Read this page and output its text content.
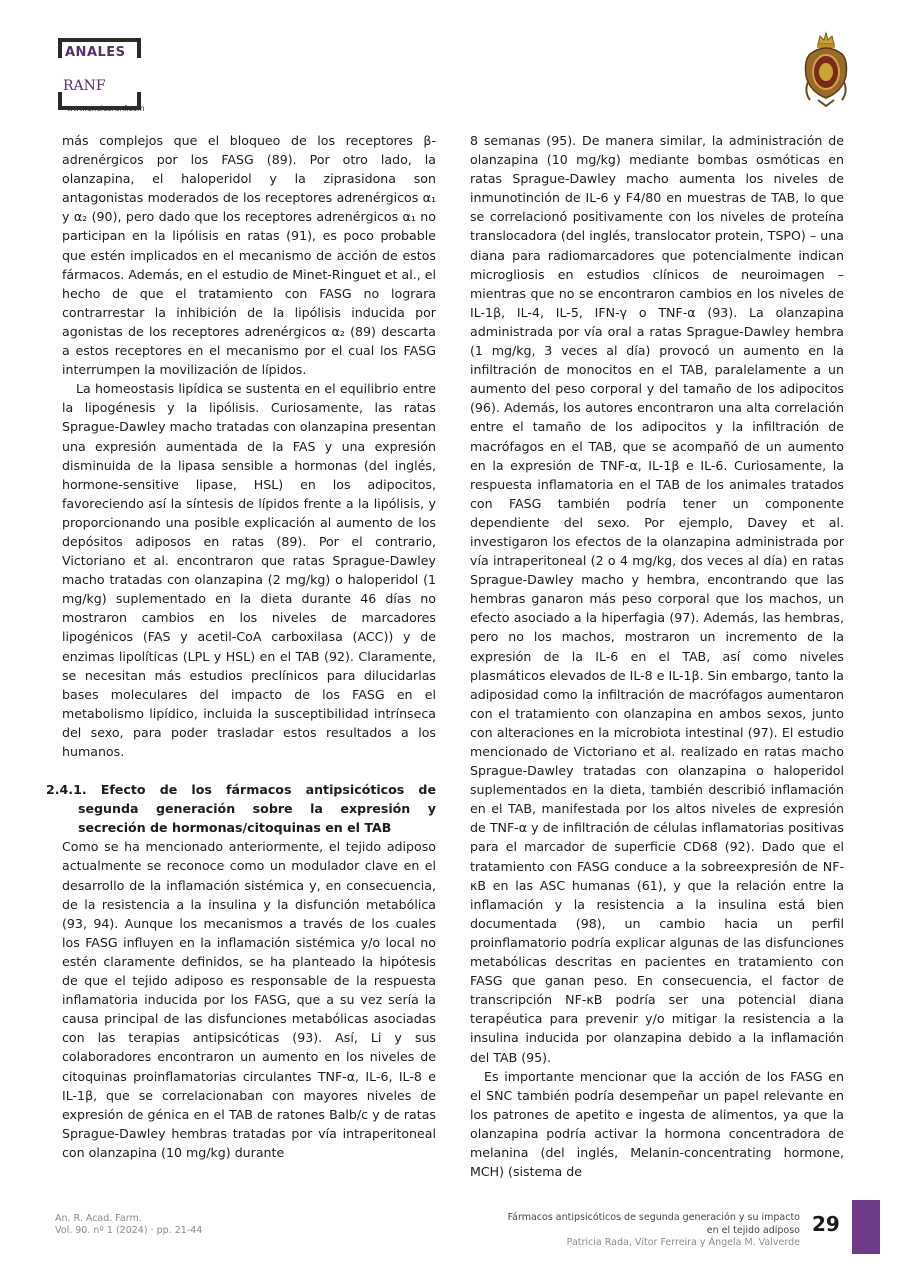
ANALES
RANF
www.analesranf.com

más complejos que el bloqueo de los receptores β-adrenérgicos por los FASG (89). Por otro lado, la olanzapina, el haloperidol y la ziprasidona son antagonistas moderados de los receptores adrenérgicos α₁ y α₂ (90), pero dado que los receptores adrenérgicos α₁ no participan en la lipólisis en ratas (91), es poco probable que estén implicados en el mecanismo de acción de estos fármacos. Además, en el estudio de Minet-Ringuet et al., el hecho de que el tratamiento con FASG no lograra contrarrestar la inhibición de la lipólisis inducida por agonistas de los receptores adrenérgicos α₂ (89) descarta a estos receptores en el mecanismo por el cual los FASG interrumpen la movilización de lípidos.

La homeostasis lipídica se sustenta en el equilibrio entre la lipogénesis y la lipólisis. Curiosamente, las ratas Sprague-Dawley macho tratadas con olanzapina presentan una expresión aumentada de la FAS y una expresión disminuida de la lipasa sensible a hormonas (del inglés, hormone-sensitive lipase, HSL) en los adipocitos, favoreciendo así la síntesis de lípidos frente a la lipólisis, y proporcionando una posible explicación al aumento de los depósitos adiposos en ratas (89). Por el contrario, Victoriano et al. encontraron que ratas Sprague-Dawley macho tratadas con olanzapina (2 mg/kg) o haloperidol (1 mg/kg) suplementado en la dieta durante 46 días no mostraron cambios en los niveles de marcadores lipogénicos (FAS y acetil-CoA carboxilasa (ACC)) y de enzimas lipolíticas (LPL y HSL) en el TAB (92). Claramente, se necesitan más estudios preclínicos para dilucidarlas bases moleculares del impacto de los FASG en el metabolismo lipídico, incluida la susceptibilidad intrínseca del sexo, para poder trasladar estos resultados a los humanos.

2.4.1. Efecto de los fármacos antipsicóticos de segunda generación sobre la expresión y secreción de hormonas/citoquinas en el TAB

Como se ha mencionado anteriormente, el tejido adiposo actualmente se reconoce como un modulador clave en el desarrollo de la inflamación sistémica y, en consecuencia, de la resistencia a la insulina y la disfunción metabólica (93, 94). Aunque los mecanismos a través de los cuales los FASG influyen en la inflamación sistémica y/o local no estén claramente definidos, se ha planteado la hipótesis de que el tejido adiposo es responsable de la respuesta inflamatoria inducida por los FASG, que a su vez sería la causa principal de las disfunciones metabólicas asociadas con las terapias antipsicóticas (93). Así, Li y sus colaboradores encontraron un aumento en los niveles de citoquinas proinflamatorias circulantes TNF-α, IL-6, IL-8 e IL-1β, que se correlacionaban con mayores niveles de expresión de génica en el TAB de ratones Balb/c y de ratas Sprague-Dawley hembras tratadas por vía intraperitoneal con olanzapina (10 mg/kg) durante

8 semanas (95). De manera similar, la administración de olanzapina (10 mg/kg) mediante bombas osmóticas en ratas Sprague-Dawley macho aumenta los niveles de inmunotinción de IL-6 y F4/80 en muestras de TAB, lo que se correlacionó positivamente con los niveles de proteína translocadora (del inglés, translocator protein, TSPO) – una diana para radiomarcadores que potencialmente indican microgliosis en estudios clínicos de neuroimagen – mientras que no se encontraron cambios en los niveles de IL-1β, IL-4, IL-5, IFN-γ o TNF-α (93). La olanzapina administrada por vía oral a ratas Sprague-Dawley hembra (1 mg/kg, 3 veces al día) provocó un aumento en la infiltración de monocitos en el TAB, paralelamente a un aumento del peso corporal y del tamaño de los adipocitos (96). Además, los autores encontraron una alta correlación entre el tamaño de los adipocitos y la infiltración de macrófagos en el TAB, que se acompañó de un aumento en la expresión de TNF-α, IL-1β e IL-6. Curiosamente, la respuesta inflamatoria en el TAB de los animales tratados con FASG también podría tener un componente dependiente del sexo. Por ejemplo, Davey et al. investigaron los efectos de la olanzapina administrada por vía intraperitoneal (2 o 4 mg/kg, dos veces al día) en ratas Sprague-Dawley macho y hembra, encontrando que las hembras ganaron más peso corporal que los machos, un efecto asociado a la hiperfagia (97). Además, las hembras, pero no los machos, mostraron un incremento de la expresión de la IL-6 en el TAB, así como niveles plasmáticos elevados de IL-8 e IL-1β. Sin embargo, tanto la adiposidad como la infiltración de macrófagos aumentaron con el tratamiento con olanzapina en ambos sexos, junto con alteraciones en la microbiota intestinal (97). El estudio mencionado de Victoriano et al. realizado en ratas macho Sprague-Dawley tratadas con olanzapina o haloperidol suplementados en la dieta, también describió inflamación en el TAB, manifestada por los altos niveles de expresión de TNF-α y de infiltración de células inflamatorias positivas para el marcador de superficie CD68 (92). Dado que el tratamiento con FASG conduce a la sobreexpresión de NF-κB en las ASC humanas (61), y que la relación entre la inflamación y la resistencia a la insulina está bien documentada (98), un cambio hacia un perfil proinflamatorio podría explicar algunas de las disfunciones metabólicas descritas en pacientes en tratamiento con FASG que ganan peso. En consecuencia, el factor de transcripción NF-κB podría ser una potencial diana terapéutica para prevenir y/o mitigar la resistencia a la insulina inducida por olanzapina debido a la inflamación del TAB (95).

Es importante mencionar que la acción de los FASG en el SNC también podría desempeñar un papel relevante en los patrones de apetito e ingesta de alimentos, ya que la olanzapina podría activar la hormona concentradora de melanina (del inglés, Melanin-concentrating hormone, MCH) (sistema de

An. R. Acad. Farm.
Vol. 90. nº 1 (2024) · pp. 21-44
Fármacos antipsicóticos de segunda generación y su impacto
en el tejido adiposo
Patricia Rada, Vítor Ferreira y Ángela M. Valverde
29
